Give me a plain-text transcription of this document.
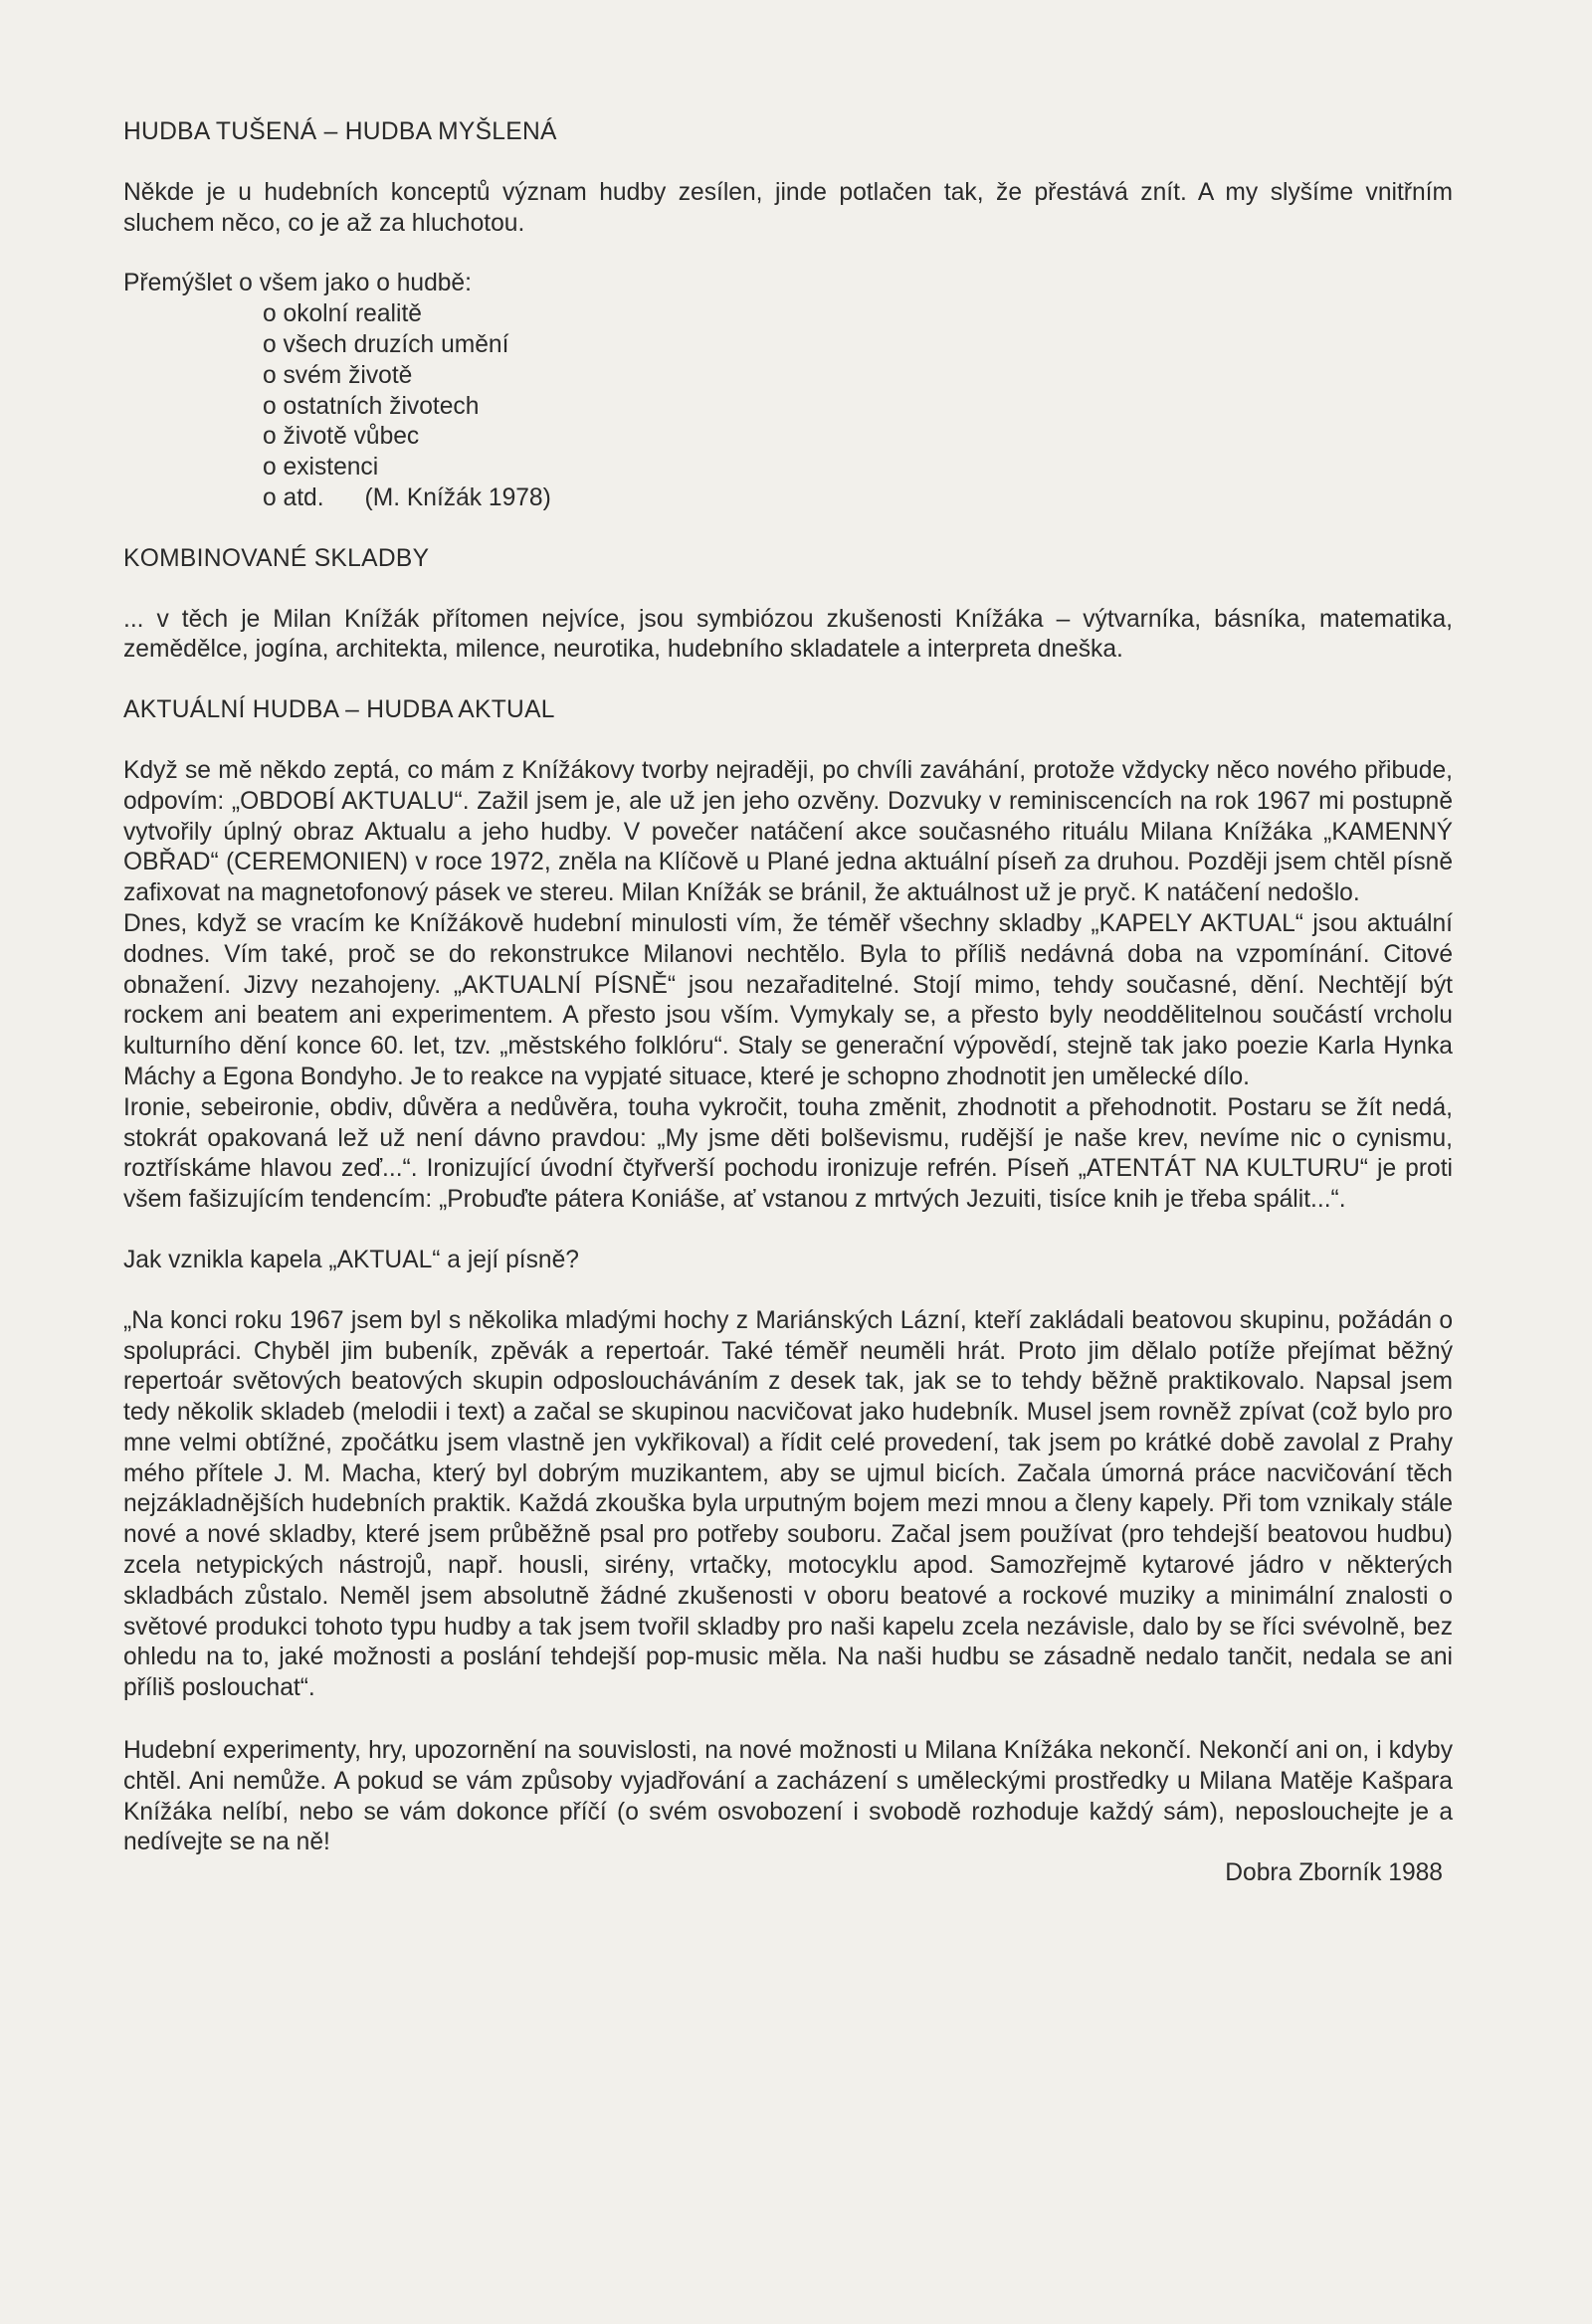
HUDBA TUŠENÁ – HUDBA MYŠLENÁ

Někde je u hudebních konceptů význam hudby zesílen, jinde potlačen tak, že přestává znít. A my slyšíme vnitřním sluchem něco, co je až za hluchotou.

Přemýšlet o všem jako o hudbě:

o okolní realitě
o všech druzích umění
o svém životě
o ostatních životech
o životě vůbec
o existenci
o atd.      (M. Knížák 1978)

KOMBINOVANÉ SKLADBY

... v těch je Milan Knížák přítomen nejvíce, jsou symbiózou zkušenosti Knížáka – výtvarníka, básníka, matematika, zemědělce, jogína, architekta, milence, neurotika, hudebního skladatele a interpreta dneška.

AKTUÁLNÍ HUDBA – HUDBA AKTUAL

Když se mě někdo zeptá, co mám z Knížákovy tvorby nejraději, po chvíli zaváhání, protože vždycky něco nového přibude, odpovím: „OBDOBÍ AKTUALU“. Zažil jsem je, ale už jen jeho ozvěny. Dozvuky v reminiscencích na rok 1967 mi postupně vytvořily úplný obraz Aktualu a jeho hudby. V povečer natáčení akce současného rituálu Milana Knížáka „KAMENNÝ OBŘAD“ (CEREMONIEN) v roce 1972, zněla na Klíčově u Plané jedna aktuální píseň za druhou. Později jsem chtěl písně zafixovat na magnetofonový pásek ve stereu. Milan Knížák se bránil, že aktuálnost už je pryč. K natáčení nedošlo.

Dnes, když se vracím ke Knížákově hudební minulosti vím, že téměř všechny skladby „KAPELY AKTUAL“ jsou aktuální dodnes. Vím také, proč se do rekonstrukce Milanovi nechtělo. Byla to příliš nedávná doba na vzpomínání. Citové obnažení. Jizvy nezahojeny. „AKTUALNÍ PÍSNĚ“ jsou nezařaditelné. Stojí mimo, tehdy současné, dění. Nechtějí být rockem ani beatem ani experimentem. A přesto jsou vším. Vymykaly se, a přesto byly neoddělitelnou součástí vrcholu kulturního dění konce 60. let, tzv. „městského folklóru“. Staly se generační výpovědí, stejně tak jako poezie Karla Hynka Máchy a Egona Bondyho. Je to reakce na vypjaté situace, které je schopno zhodnotit jen umělecké dílo.

Ironie, sebeironie, obdiv, důvěra a nedůvěra, touha vykročit, touha změnit, zhodnotit a přehodnotit. Postaru se žít nedá, stokrát opakovaná lež už není dávno pravdou: „My jsme děti bolševismu, rudější je naše krev, nevíme nic o cynismu, roztřískáme hlavou zeď...“. Ironizující úvodní čtyřverší pochodu ironizuje refrén. Píseň „ATENTÁT NA KULTURU“ je proti všem fašizujícím tendencím: „Probuďte pátera Koniáše, ať vstanou z mrtvých Jezuiti, tisíce knih je třeba spálit...“.

Jak vznikla kapela „AKTUAL“ a její písně?

„Na konci roku 1967 jsem byl s několika mladými hochy z Mariánských Lázní, kteří zakládali beatovou skupinu, požádán o spolupráci. Chyběl jim bubeník, zpěvák a repertoár. Také téměř neuměli hrát. Proto jim dělalo potíže přejímat běžný repertoár světových beatových skupin odposloucháváním z desek tak, jak se to tehdy běžně praktikovalo. Napsal jsem tedy několik skladeb (melodii i text) a začal se skupinou nacvičovat jako hudebník. Musel jsem rovněž zpívat (což bylo pro mne velmi obtížné, zpočátku jsem vlastně jen vykřikoval) a řídit celé provedení, tak jsem po krátké době zavolal z Prahy mého přítele J. M. Macha, který byl dobrým muzikantem, aby se ujmul bicích. Začala úmorná práce nacvičování těch nejzákladnějších hudebních praktik. Každá zkouška byla urputným bojem mezi mnou a členy kapely. Při tom vznikaly stále nové a nové skladby, které jsem průběžně psal pro potřeby souboru. Začal jsem používat (pro tehdejší beatovou hudbu) zcela netypických nástrojů, např. housli, sirény, vrtačky, motocyklu apod. Samozřejmě kytarové jádro v některých skladbách zůstalo. Neměl jsem absolutně žádné zkušenosti v oboru beatové a rockové muziky a minimální znalosti o světové produkci tohoto typu hudby a tak jsem tvořil skladby pro naši kapelu zcela nezávisle, dalo by se říci svévolně, bez ohledu na to, jaké možnosti a poslání tehdejší pop-music měla. Na naši hudbu se zásadně nedalo tančit, nedala se ani příliš poslouchat“.

Hudební experimenty, hry, upozornění na souvislosti, na nové možnosti u Milana Knížáka nekončí. Nekončí ani on, i kdyby chtěl. Ani nemůže. A pokud se vám způsoby vyjadřování a zacházení s uměleckými prostředky u Milana Matěje Kašpara Knížáka nelíbí, nebo se vám dokonce příčí (o svém osvobození i svobodě rozhoduje každý sám), neposlouchejte je a nedívejte se na ně!

Dobra Zborník 1988
